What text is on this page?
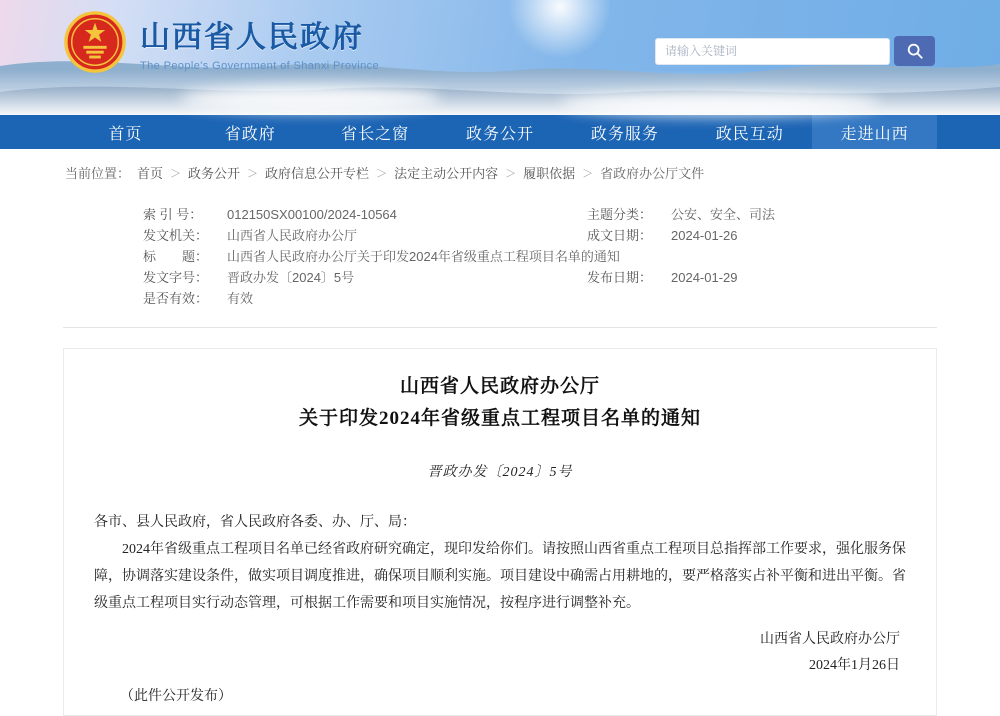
山西省人民政府
The People's Government of Shanxi Province
请输入关键词
首页	省政府	省长之窗	政务公开	政务服务	政民互动	走进山西
当前位置： 首页 ＞ 政务公开 ＞ 政府信息公开专栏 ＞ 法定主动公开内容 ＞ 履职依据 ＞ 省政府办公厅文件
索 引 号：	012150SX00100/2024-10564	主题分类：	公安、安全、司法
发文机关：	山西省人民政府办公厅	成文日期：	2024-01-26
标　　题：	山西省人民政府办公厅关于印发2024年省级重点工程项目名单的通知
发文字号：	晋政办发〔2024〕5号	发布日期：	2024-01-29
是否有效：	有效
山西省人民政府办公厅
关于印发2024年省级重点工程项目名单的通知
晋政办发〔2024〕5号
各市、县人民政府，省人民政府各委、办、厅、局：
2024年省级重点工程项目名单已经省政府研究确定，现印发给你们。请按照山西省重点工程项目总指挥部工作要求，强化服务保障，协调落实建设条件，做实项目调度推进，确保项目顺利实施。项目建设中确需占用耕地的，要严格落实占补平衡和进出平衡。省级重点工程项目实行动态管理，可根据工作需要和项目实施情况，按程序进行调整补充。
山西省人民政府办公厅
2024年1月26日
（此件公开发布）
